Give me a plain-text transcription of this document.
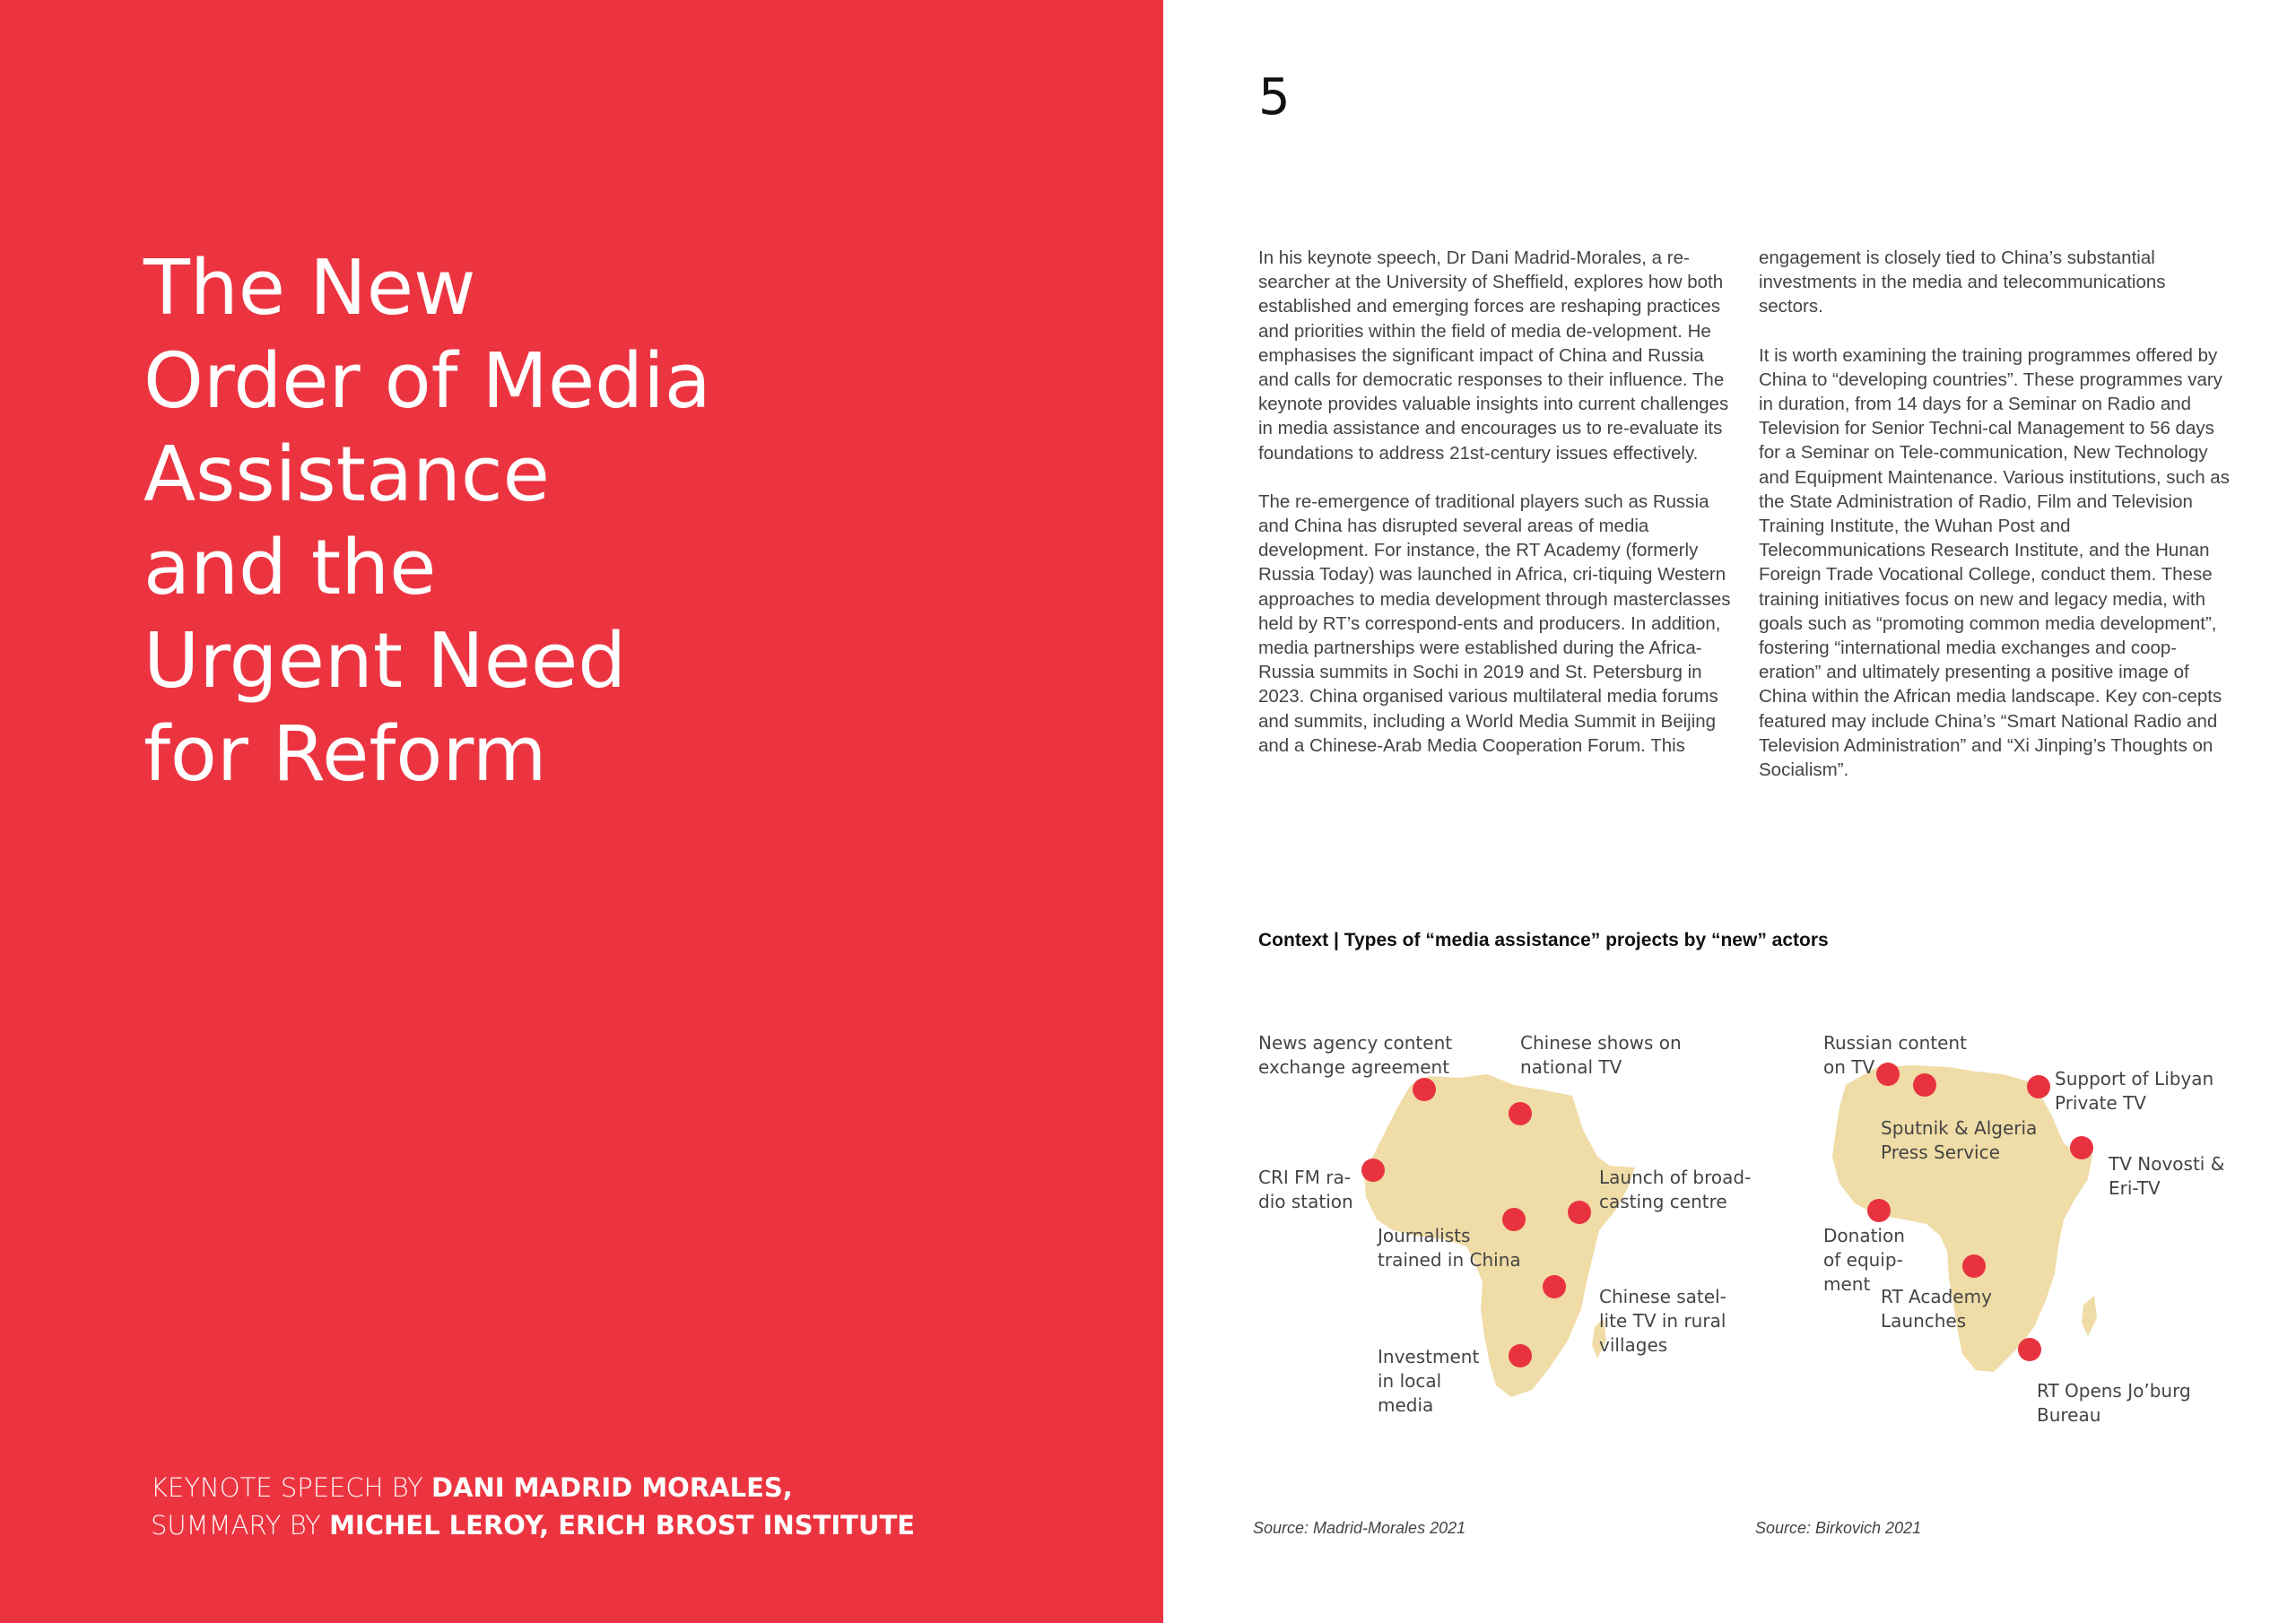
The New
Order of Media
Assistance
and the
Urgent Need
for Reform
KEYNOTE SPEECH BY DANI MADRID MORALES,
SUMMARY BY MICHEL LEROY, ERICH BROST INSTITUTE
5

In his keynote speech, Dr Dani Madrid-Morales, a re-searcher at the University of Sheffield, explores how both established and emerging forces are reshaping practices and priorities within the field of media de-velopment. He emphasises the significant impact of China and Russia and calls for democratic responses to their influence. The keynote provides valuable insights into current challenges in media assistance and encourages us to re-evaluate its foundations to address 21st-century issues effectively.

The re-emergence of traditional players such as Russia and China has disrupted several areas of media development. For instance, the RT Academy (formerly Russia Today) was launched in Africa, cri-tiquing Western approaches to media development through masterclasses held by RT’s correspond-ents and producers. In addition, media partnerships were established during the Africa-Russia summits in Sochi in 2019 and St. Petersburg in 2023. China organised various multilateral media forums and summits, including a World Media Summit in Beijing and a Chinese-Arab Media Cooperation Forum. This

engagement is closely tied to China’s substantial investments in the media and telecommunications sectors.

It is worth examining the training programmes offered by China to “developing countries”. These programmes vary in duration, from 14 days for a Seminar on Radio and Television for Senior Techni-cal Management to 56 days for a Seminar on Tele-communication, New Technology and Equipment Maintenance. Various institutions, such as the State Administration of Radio, Film and Television Training Institute, the Wuhan Post and Telecommunications Research Institute, and the Hunan Foreign Trade Vocational College, conduct them. These training initiatives focus on new and legacy media, with goals such as “promoting common media development”, fostering “international media exchanges and coop-eration” and ultimately presenting a positive image of China within the African media landscape. Key con-cepts featured may include China’s “Smart National Radio and Television Administration” and “Xi Jinping’s Thoughts on Socialism”.

Context | Types of “media assistance” projects by “new” actors
News agency content
exchange agreement
Chinese shows on
national TV
CRI FM ra-
dio station
Launch of broad-
casting centre
Journalists
trained in China
Chinese satel-
lite TV in rural
villages
Investment
in local
media
Russian content
on TV
Support of Libyan
Private TV
Sputnik & Algeria
Press Service
TV Novosti &
Eri-TV
Donation
of equip-
ment
RT Academy
Launches
RT Opens Jo’burg
Bureau
Source: Madrid-Morales 2021	Source: Birkovich 2021
